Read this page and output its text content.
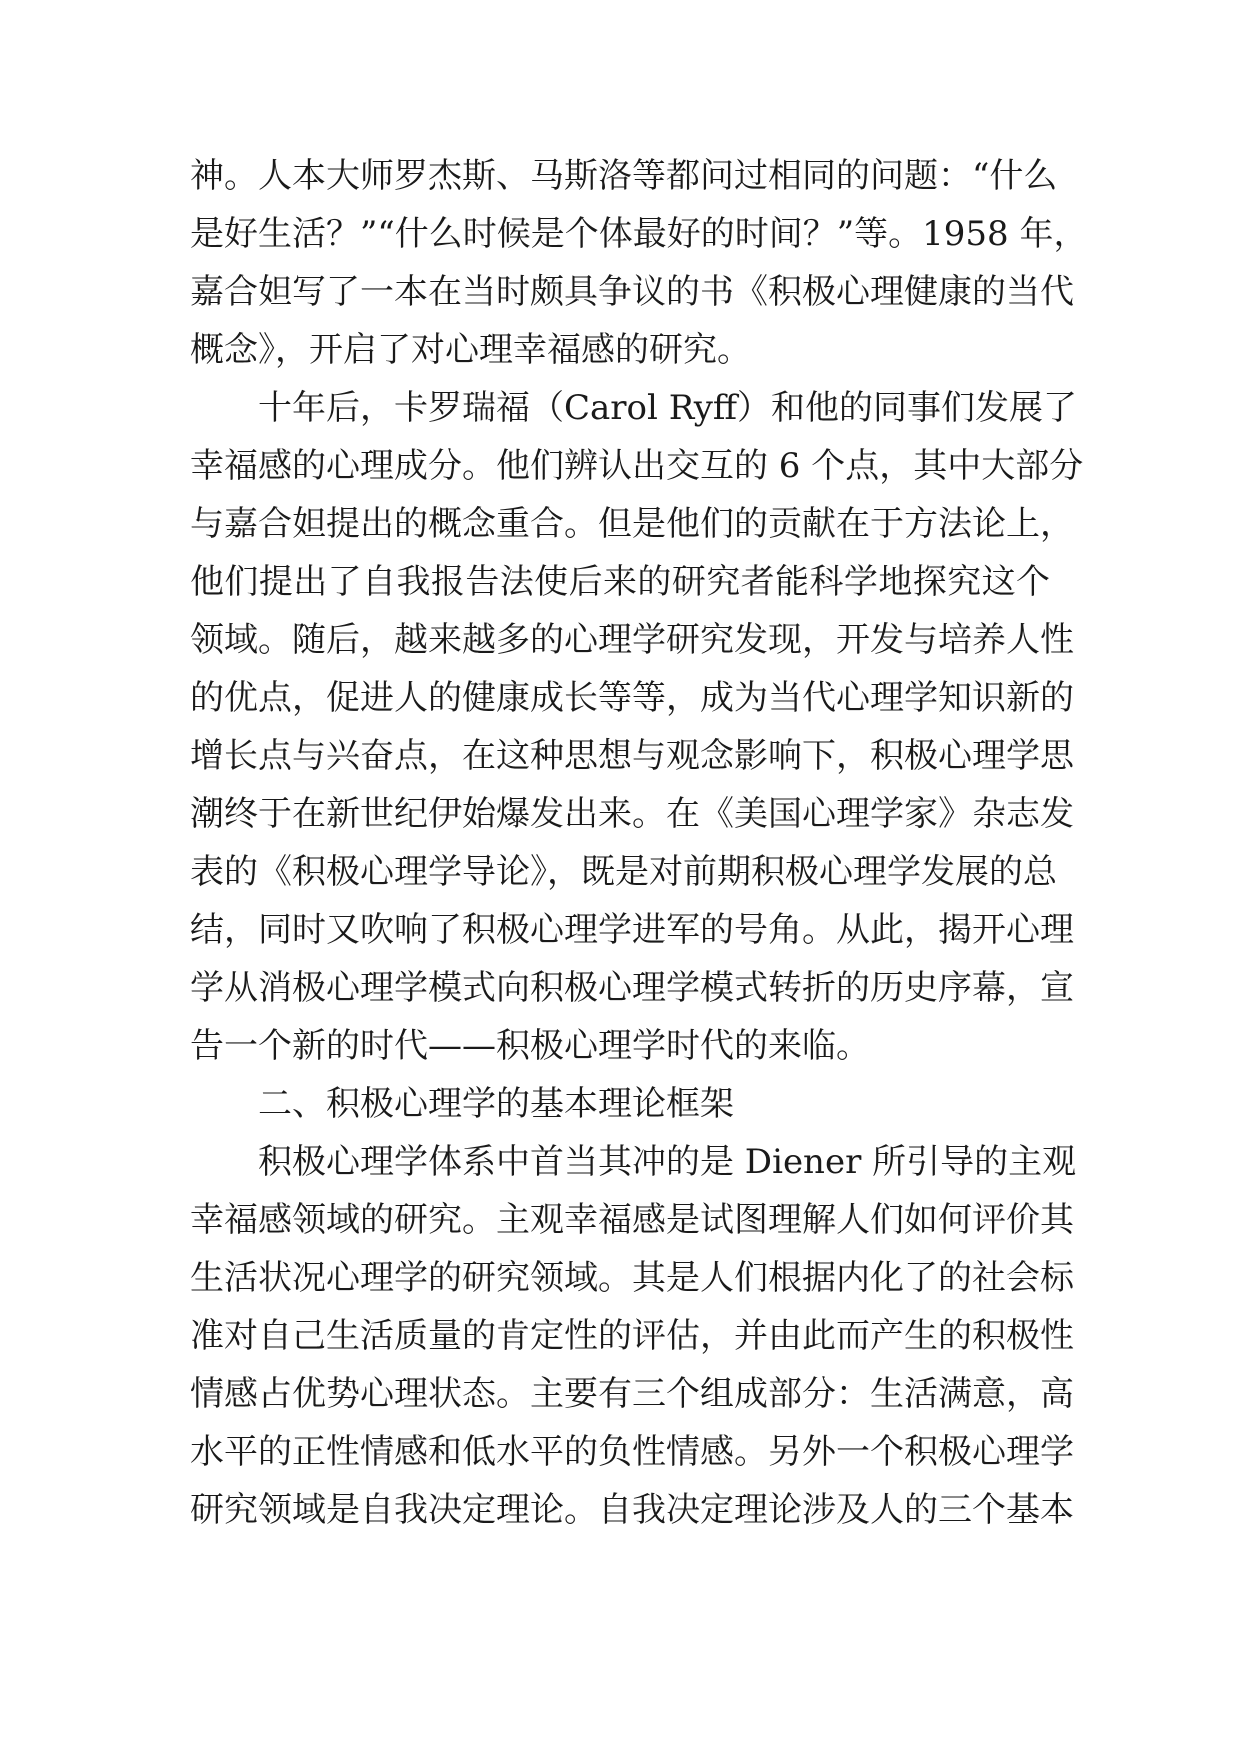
神。人本大师罗杰斯、马斯洛等都问过相同的问题：“什么
是好生活？”“什么时候是个体最好的时间？”等。1958 年，
嘉合妲写了一本在当时颇具争议的书《积极心理健康的当代
概念》，开启了对心理幸福感的研究。
十年后，卡罗瑞福（Carol Ryff）和他的同事们发展了
幸福感的心理成分。他们辨认出交互的 6 个点，其中大部分
与嘉合妲提出的概念重合。但是他们的贡献在于方法论上，
他们提出了自我报告法使后来的研究者能科学地探究这个
领域。随后，越来越多的心理学研究发现，开发与培养人性
的优点，促进人的健康成长等等，成为当代心理学知识新的
增长点与兴奋点，在这种思想与观念影响下，积极心理学思
潮终于在新世纪伊始爆发出来。在《美国心理学家》杂志发
表的《积极心理学导论》，既是对前期积极心理学发展的总
结，同时又吹响了积极心理学进军的号角。从此，揭开心理
学从消极心理学模式向积极心理学模式转折的历史序幕，宣
告一个新的时代——积极心理学时代的来临。
二、积极心理学的基本理论框架
积极心理学体系中首当其冲的是 Diener 所引导的主观
幸福感领域的研究。主观幸福感是试图理解人们如何评价其
生活状况心理学的研究领域。其是人们根据内化了的社会标
准对自己生活质量的肯定性的评估，并由此而产生的积极性
情感占优势心理状态。主要有三个组成部分：生活满意，高
水平的正性情感和低水平的负性情感。另外一个积极心理学
研究领域是自我决定理论。自我决定理论涉及人的三个基本
